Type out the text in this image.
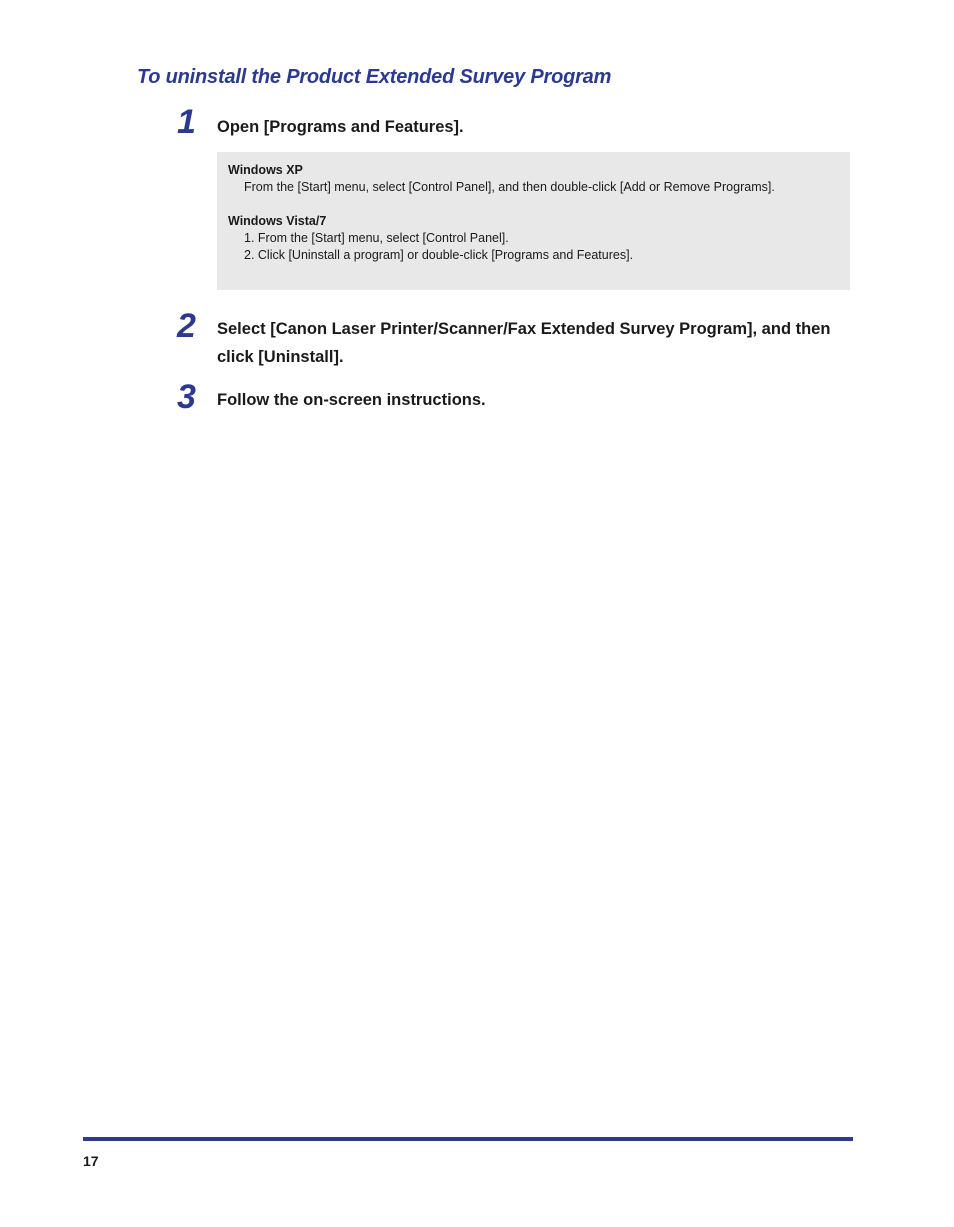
To uninstall the Product Extended Survey Program
1 Open [Programs and Features].

Windows XP

From the [Start] menu, select [Control Panel], and then double-click [Add or Remove Programs].

Windows Vista/7

1. From the [Start] menu, select [Control Panel].
2. Click [Uninstall a program] or double-click [Programs and Features].
2 Select [Canon Laser Printer/Scanner/Fax Extended Survey Program], and then click [Uninstall].
3 Follow the on-screen instructions.
17
